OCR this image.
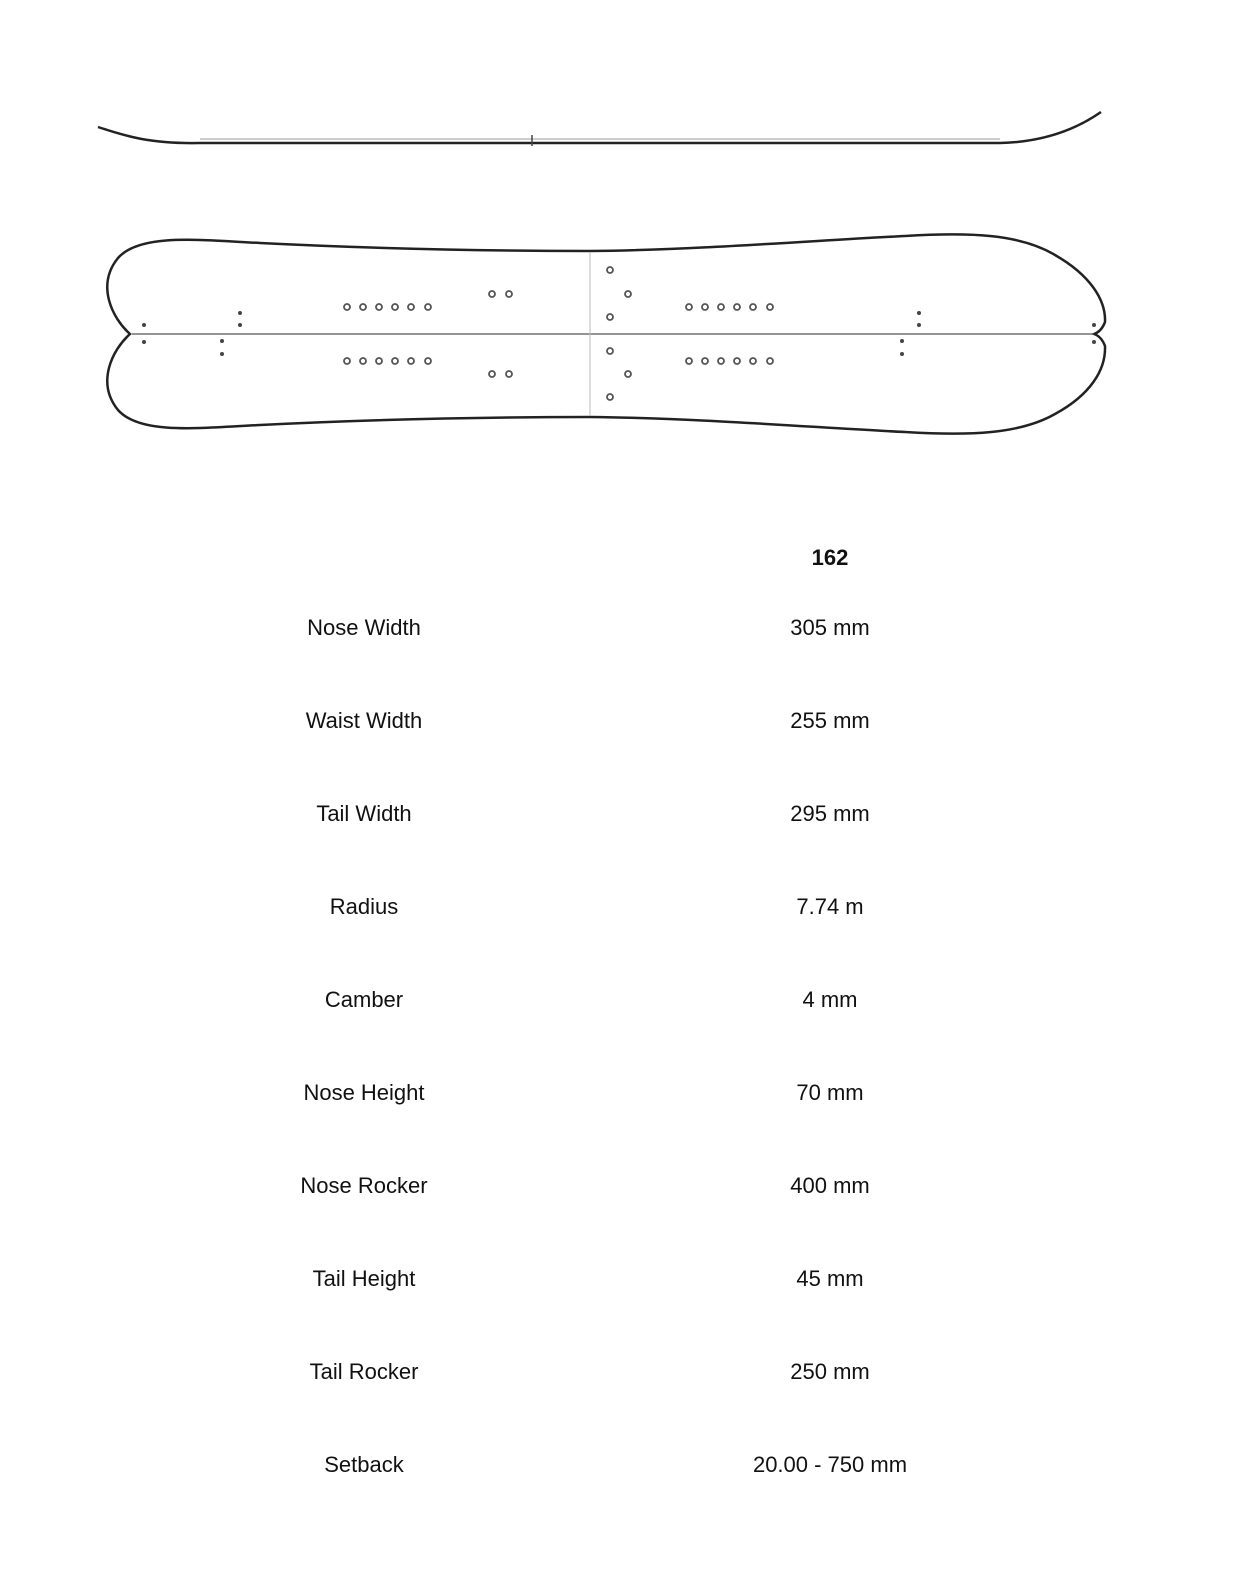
162
Nose Width	305 mm
Waist Width	255 mm
Tail Width	295 mm
Radius	7.74 m
Camber	4 mm
Nose Height	70 mm
Nose Rocker	400 mm
Tail Height	45 mm
Tail Rocker	250 mm
Setback	20.00 - 750 mm
